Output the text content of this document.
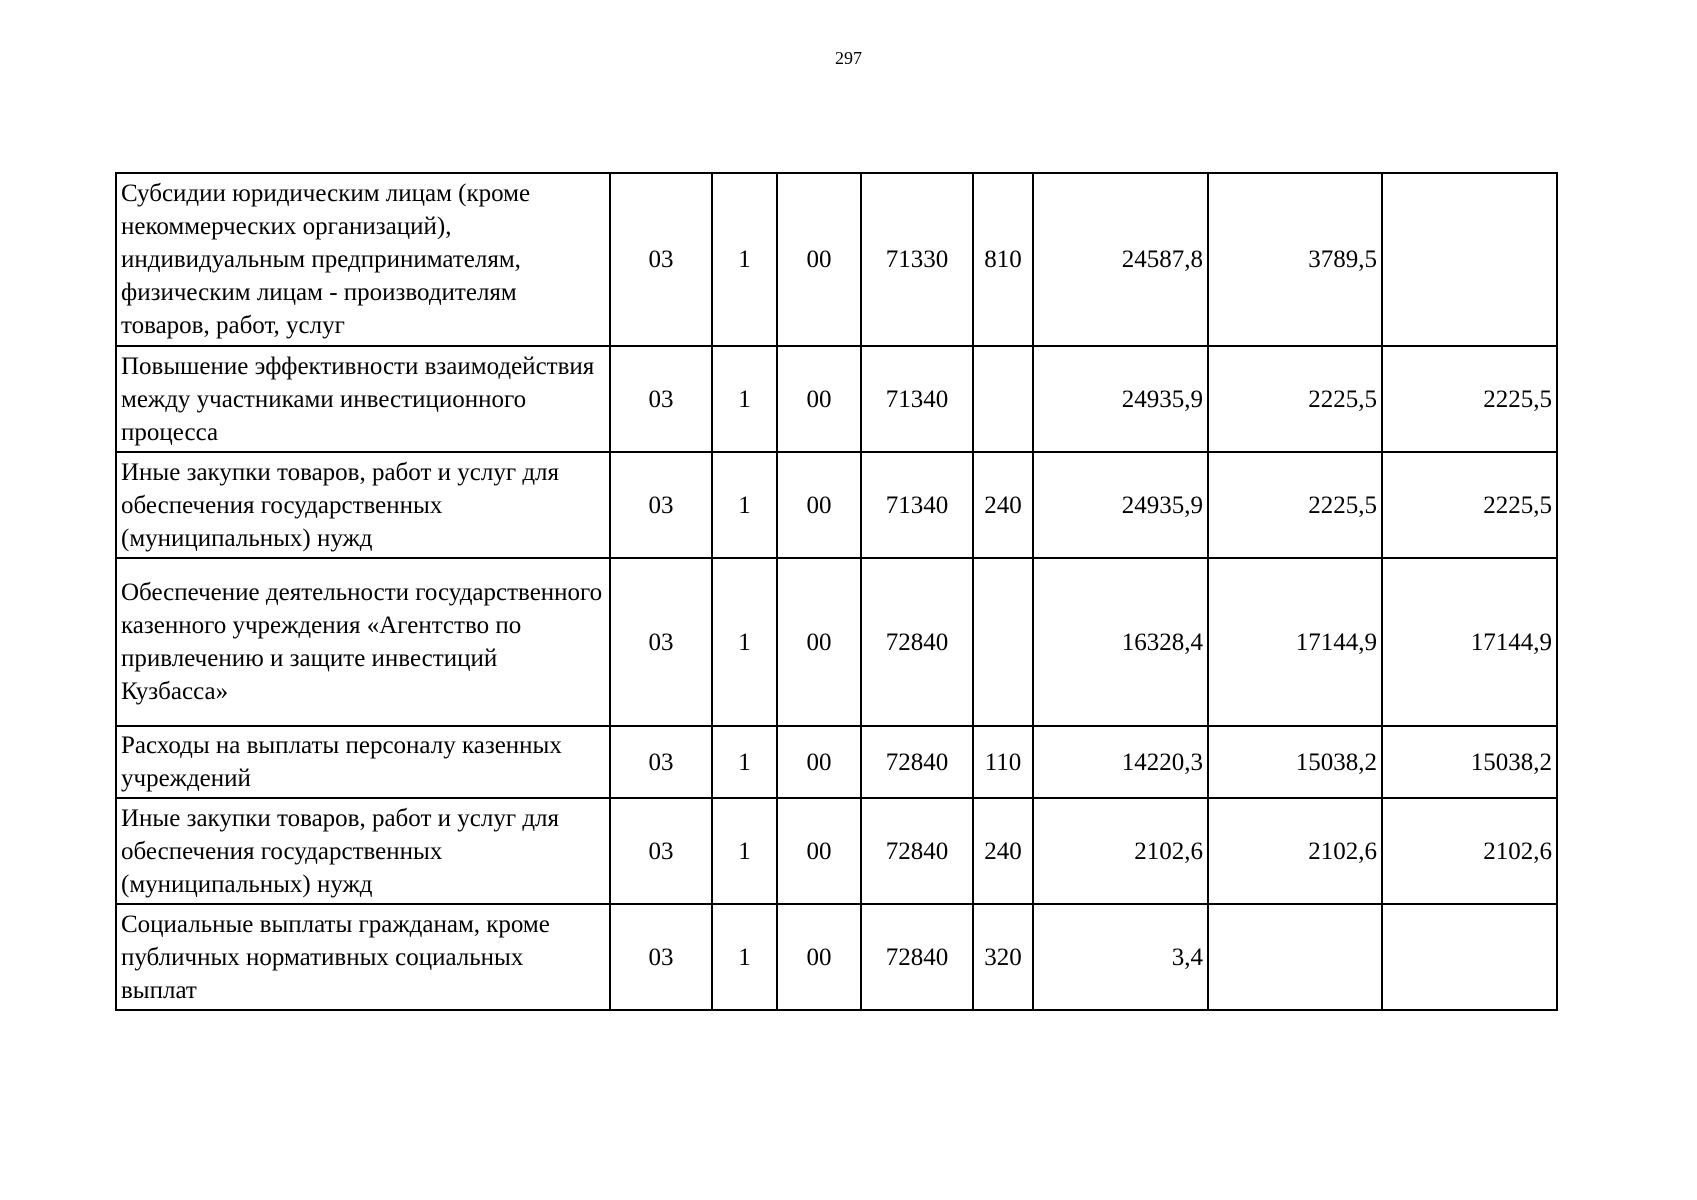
297
Субсидии юридическим лицам (кроме некоммерческих организаций), индивидуальным предпринимателям, физическим лицам - производителям товаров, работ, услуг	03	1	00	71330	810	24587,8	3789,5	
Повышение эффективности взаимодействия между участниками инвестиционного процесса	03	1	00	71340		24935,9	2225,5	2225,5
Иные закупки товаров, работ и услуг для обеспечения государственных (муниципальных) нужд	03	1	00	71340	240	24935,9	2225,5	2225,5
Обеспечение деятельности государственного казенного учреждения «Агентство по привлечению и защите инвестиций Кузбасса»	03	1	00	72840		16328,4	17144,9	17144,9
Расходы на выплаты персоналу казенных учреждений	03	1	00	72840	110	14220,3	15038,2	15038,2
Иные закупки товаров, работ и услуг для обеспечения государственных (муниципальных) нужд	03	1	00	72840	240	2102,6	2102,6	2102,6
Социальные выплаты гражданам, кроме публичных нормативных социальных выплат	03	1	00	72840	320	3,4		
